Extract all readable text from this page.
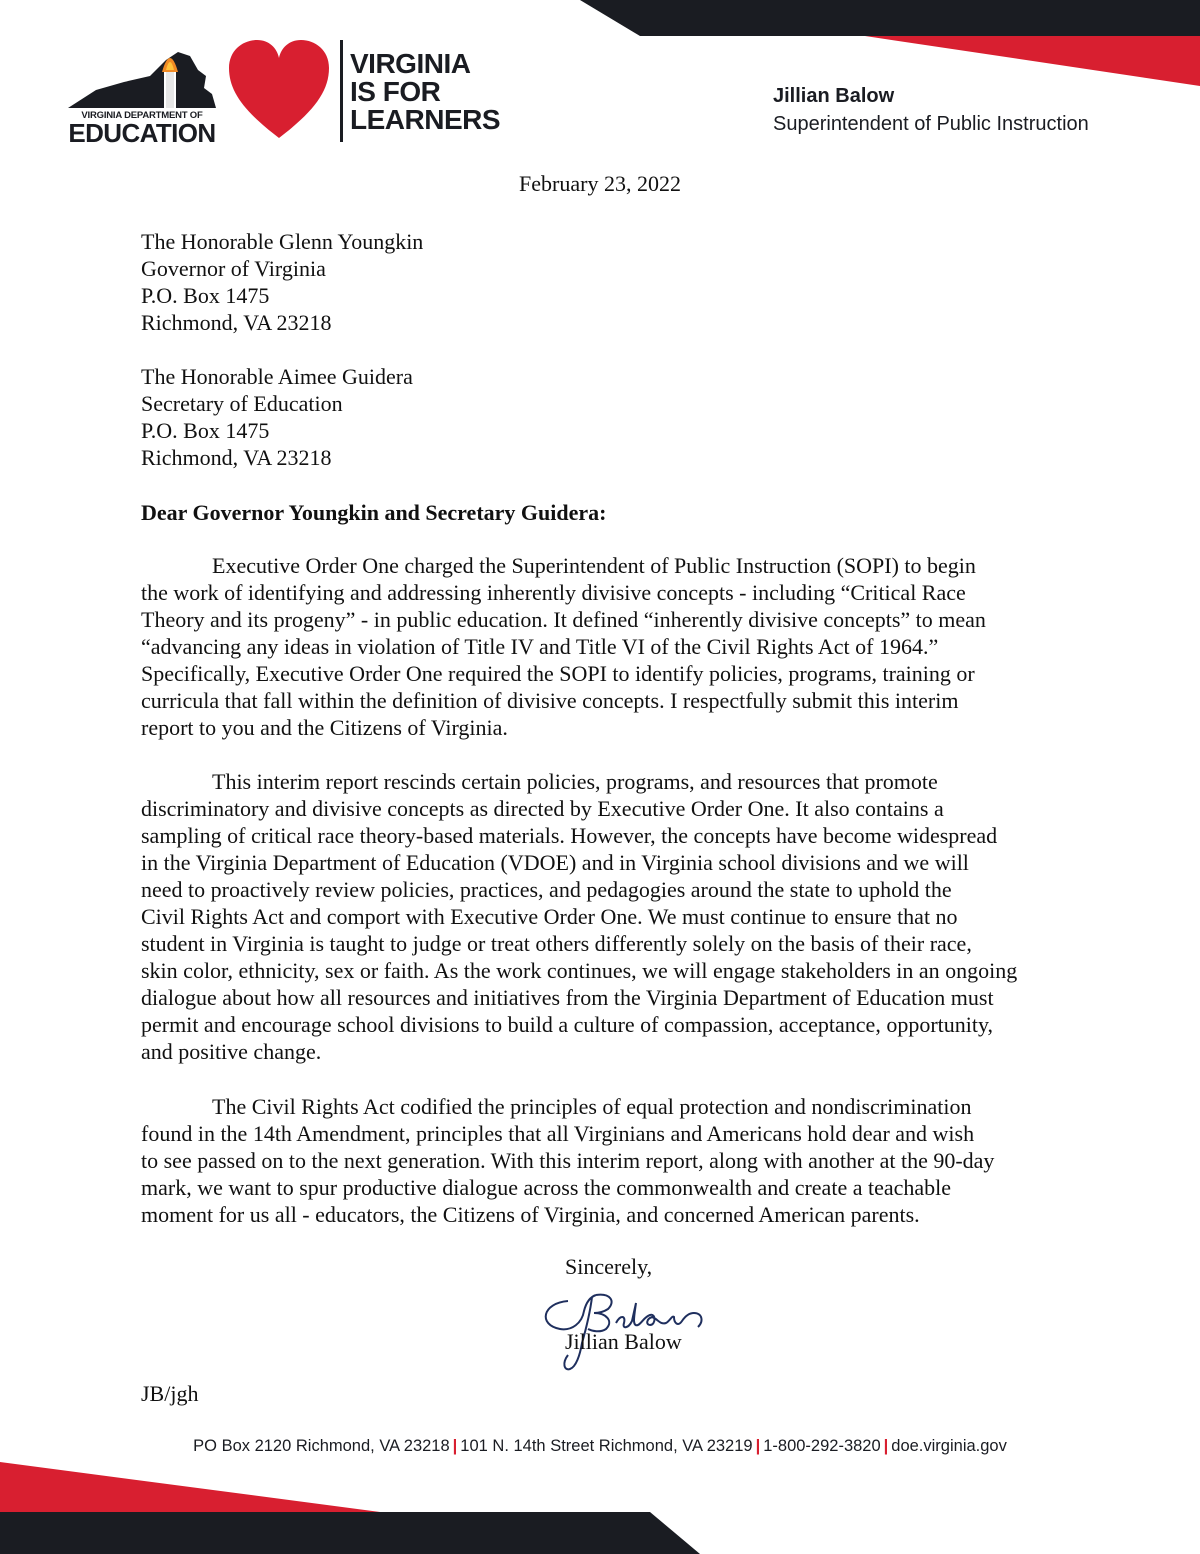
VIRGINIA DEPARTMENT OF
EDUCATION
VIRGINIA
IS FOR
LEARNERS
Jillian Balow
Superintendent of Public Instruction
February 23, 2022
The Honorable Glenn Youngkin
Governor of Virginia
P.O. Box 1475
Richmond, VA 23218
The Honorable Aimee Guidera
Secretary of Education
P.O. Box 1475
Richmond, VA 23218
Dear Governor Youngkin and Secretary Guidera:
Executive Order One charged the Superintendent of Public Instruction (SOPI) to begin
the work of identifying and addressing inherently divisive concepts - including “Critical Race
Theory and its progeny” - in public education. It defined “inherently divisive concepts” to mean
“advancing any ideas in violation of Title IV and Title VI of the Civil Rights Act of 1964.”
Specifically, Executive Order One required the SOPI to identify policies, programs, training or
curricula that fall within the definition of divisive concepts. I respectfully submit this interim
report to you and the Citizens of Virginia.
This interim report rescinds certain policies, programs, and resources that promote
discriminatory and divisive concepts as directed by Executive Order One. It also contains a
sampling of critical race theory-based materials. However, the concepts have become widespread
in the Virginia Department of Education (VDOE) and in Virginia school divisions and we will
need to proactively review policies, practices, and pedagogies around the state to uphold the
Civil Rights Act and comport with Executive Order One. We must continue to ensure that no
student in Virginia is taught to judge or treat others differently solely on the basis of their race,
skin color, ethnicity, sex or faith. As the work continues, we will engage stakeholders in an ongoing
dialogue about how all resources and initiatives from the Virginia Department of Education must
permit and encourage school divisions to build a culture of compassion, acceptance, opportunity,
and positive change.
The Civil Rights Act codified the principles of equal protection and nondiscrimination
found in the 14th Amendment, principles that all Virginians and Americans hold dear and wish
to see passed on to the next generation. With this interim report, along with another at the 90-day
mark, we want to spur productive dialogue across the commonwealth and create a teachable
moment for us all - educators, the Citizens of Virginia, and concerned American parents.
Sincerely,
Jillian Balow
JB/jgh
PO Box 2120 Richmond, VA 23218 | 101 N. 14th Street Richmond, VA 23219 | 1-800-292-3820 | doe.virginia.gov
